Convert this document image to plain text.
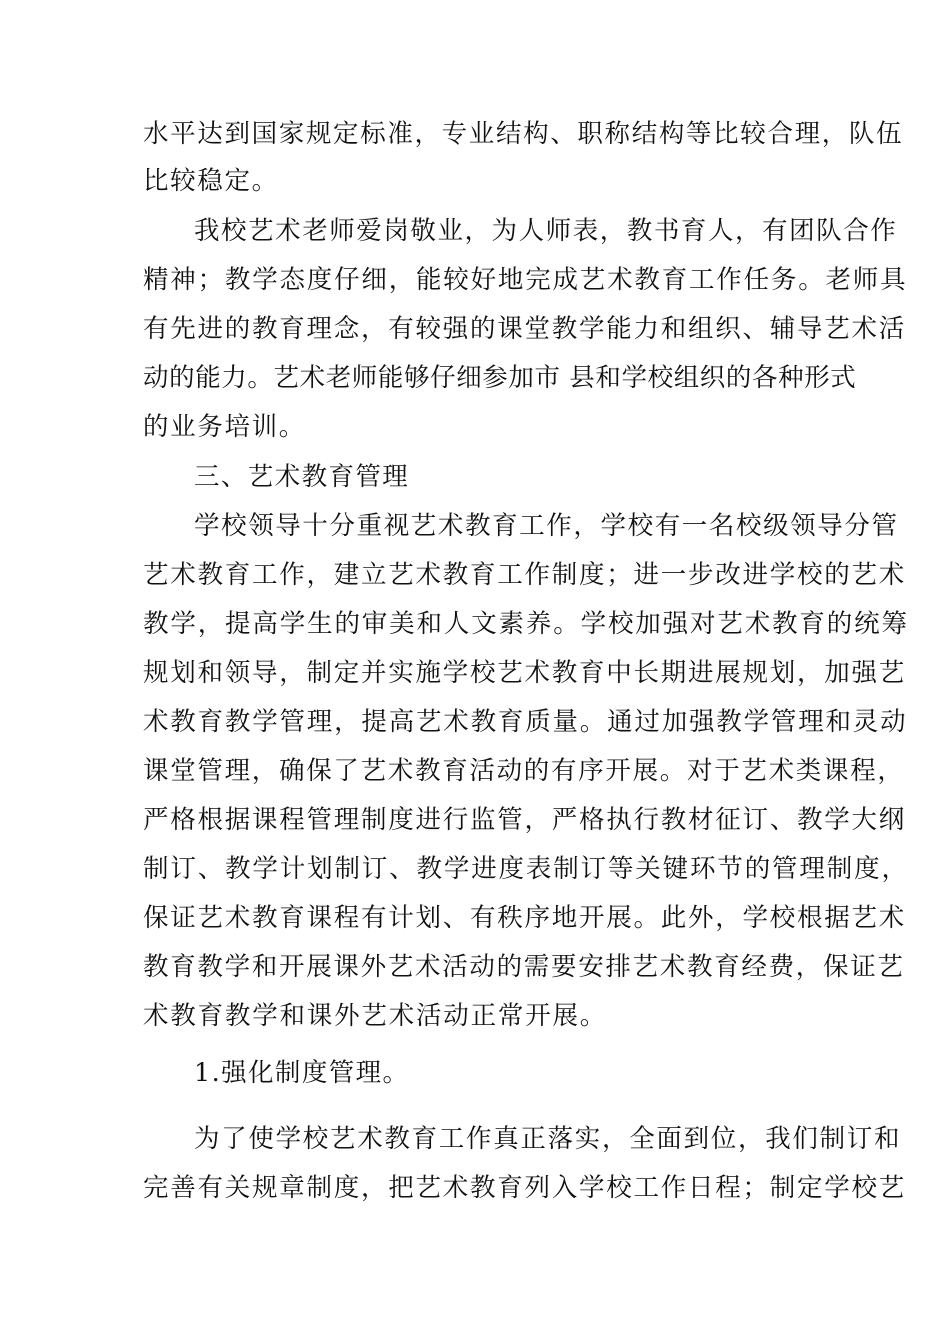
水平达到国家规定标准，专业结构、职称结构等比较合理，队伍
比较稳定。
我校艺术老师爱岗敬业，为人师表，教书育人，有团队合作
精神；教学态度仔细，能较好地完成艺术教育工作任务。老师具
有先进的教育理念，有较强的课堂教学能力和组织、辅导艺术活
动的能力。艺术老师能够仔细参加市 县和学校组织的各种形式
的业务培训。
三、艺术教育管理
学校领导十分重视艺术教育工作，学校有一名校级领导分管
艺术教育工作，建立艺术教育工作制度；进一步改进学校的艺术
教学，提高学生的审美和人文素养。学校加强对艺术教育的统筹
规划和领导，制定并实施学校艺术教育中长期进展规划，加强艺
术教育教学管理，提高艺术教育质量。通过加强教学管理和灵动
课堂管理，确保了艺术教育活动的有序开展。对于艺术类课程，
严格根据课程管理制度进行监管，严格执行教材征订、教学大纲
制订、教学计划制订、教学进度表制订等关键环节的管理制度，
保证艺术教育课程有计划、有秩序地开展。此外，学校根据艺术
教育教学和开展课外艺术活动的需要安排艺术教育经费，保证艺
术教育教学和课外艺术活动正常开展。
1.强化制度管理。
为了使学校艺术教育工作真正落实，全面到位，我们制订和
完善有关规章制度，把艺术教育列入学校工作日程；制定学校艺
